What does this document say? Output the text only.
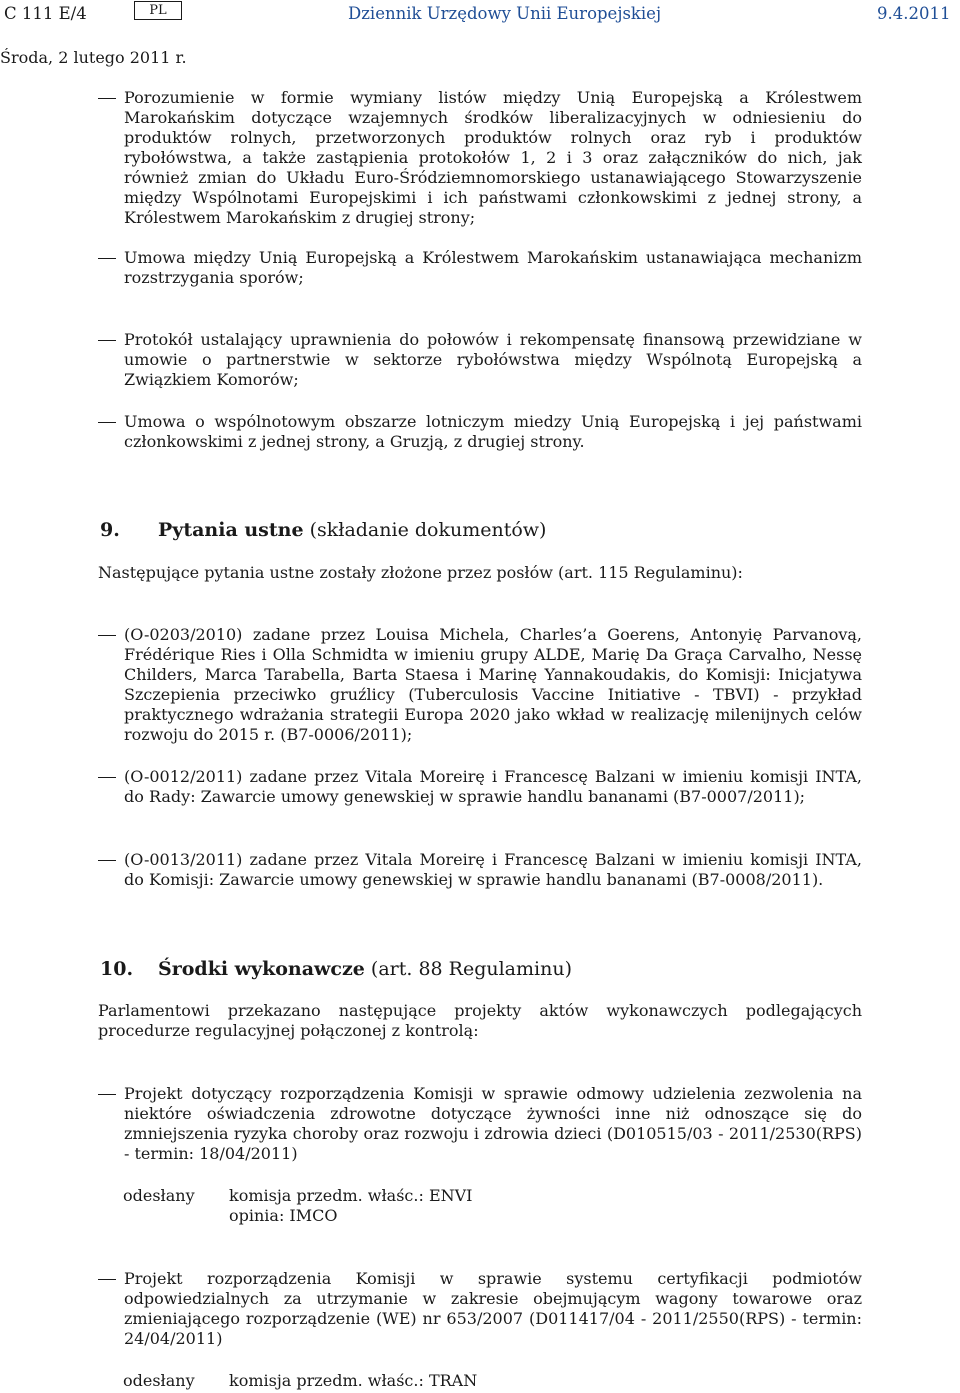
C 111 E/4	PL	Dziennik Urzędowy Unii Europejskiej	9.4.2011
Środa, 2 lutego 2011 r.
Porozumienie w formie wymiany listów między Unią Europejską a Królestwem Marokańskim dotyczące wzajemnych środków liberalizacyjnych w odniesieniu do produktów rolnych, przetworzonych produktów rolnych oraz ryb i produktów rybołówstwa, a także zastąpienia protokołów 1, 2 i 3 oraz załączników do nich, jak również zmian do Układu Euro-Śródziemnomorskiego ustanawiającego Stowarzyszenie między Wspólnotami Europejskimi i ich państwami członkowskimi z jednej strony, a Królestwem Marokańskim z drugiej strony;
Umowa między Unią Europejską a Królestwem Marokańskim ustanawiająca mechanizm rozstrzygania sporów;
Protokół ustalający uprawnienia do połowów i rekompensatę finansową przewidziane w umowie o partnerstwie w sektorze rybołówstwa między Wspólnotą Europejską a Związkiem Komorów;
Umowa o wspólnotowym obszarze lotniczym miedzy Unią Europejską i jej państwami członkowskimi z jednej strony, a Gruzją, z drugiej strony.
9. Pytania ustne (składanie dokumentów)
Następujące pytania ustne zostały złożone przez posłów (art. 115 Regulaminu):
(O-0203/2010) zadane przez Louisa Michela, Charles’a Goerens, Antonyię Parvanovą, Frédérique Ries i Olla Schmidta w imieniu grupy ALDE, Marię Da Graça Carvalho, Nessę Childers, Marca Tarabella, Barta Staesa i Marinę Yannakoudakis, do Komisji: Inicjatywa Szczepienia przeciwko gruźlicy (Tuberculosis Vaccine Initiative - TBVI) - przykład praktycznego wdrażania strategii Europa 2020 jako wkład w realizację milenijnych celów rozwoju do 2015 r. (B7-0006/2011);
(O-0012/2011) zadane przez Vitala Moreirę i Francescę Balzani w imieniu komisji INTA, do Rady: Zawarcie umowy genewskiej w sprawie handlu bananami (B7-0007/2011);
(O-0013/2011) zadane przez Vitala Moreirę i Francescę Balzani w imieniu komisji INTA, do Komisji: Zawarcie umowy genewskiej w sprawie handlu bananami (B7-0008/2011).
10. Środki wykonawcze (art. 88 Regulaminu)
Parlamentowi przekazano następujące projekty aktów wykonawczych podlegających procedurze regulacyjnej połączonej z kontrolą:
Projekt dotyczący rozporządzenia Komisji w sprawie odmowy udzielenia zezwolenia na niektóre oświadczenia zdrowotne dotyczące żywności inne niż odnoszące się do zmniejszenia ryzyka choroby oraz rozwoju i zdrowia dzieci (D010515/03 - 2011/2530(RPS) - termin: 18/04/2011)
odesłany komisja przedm. właśc.: ENVI
opinia: IMCO
Projekt rozporządzenia Komisji w sprawie systemu certyfikacji podmiotów odpowiedzialnych za utrzymanie w zakresie obejmującym wagony towarowe oraz zmieniającego rozporządzenie (WE) nr 653/2007 (D011417/04 - 2011/2550(RPS) - termin: 24/04/2011)
odesłany komisja przedm. właśc.: TRAN
